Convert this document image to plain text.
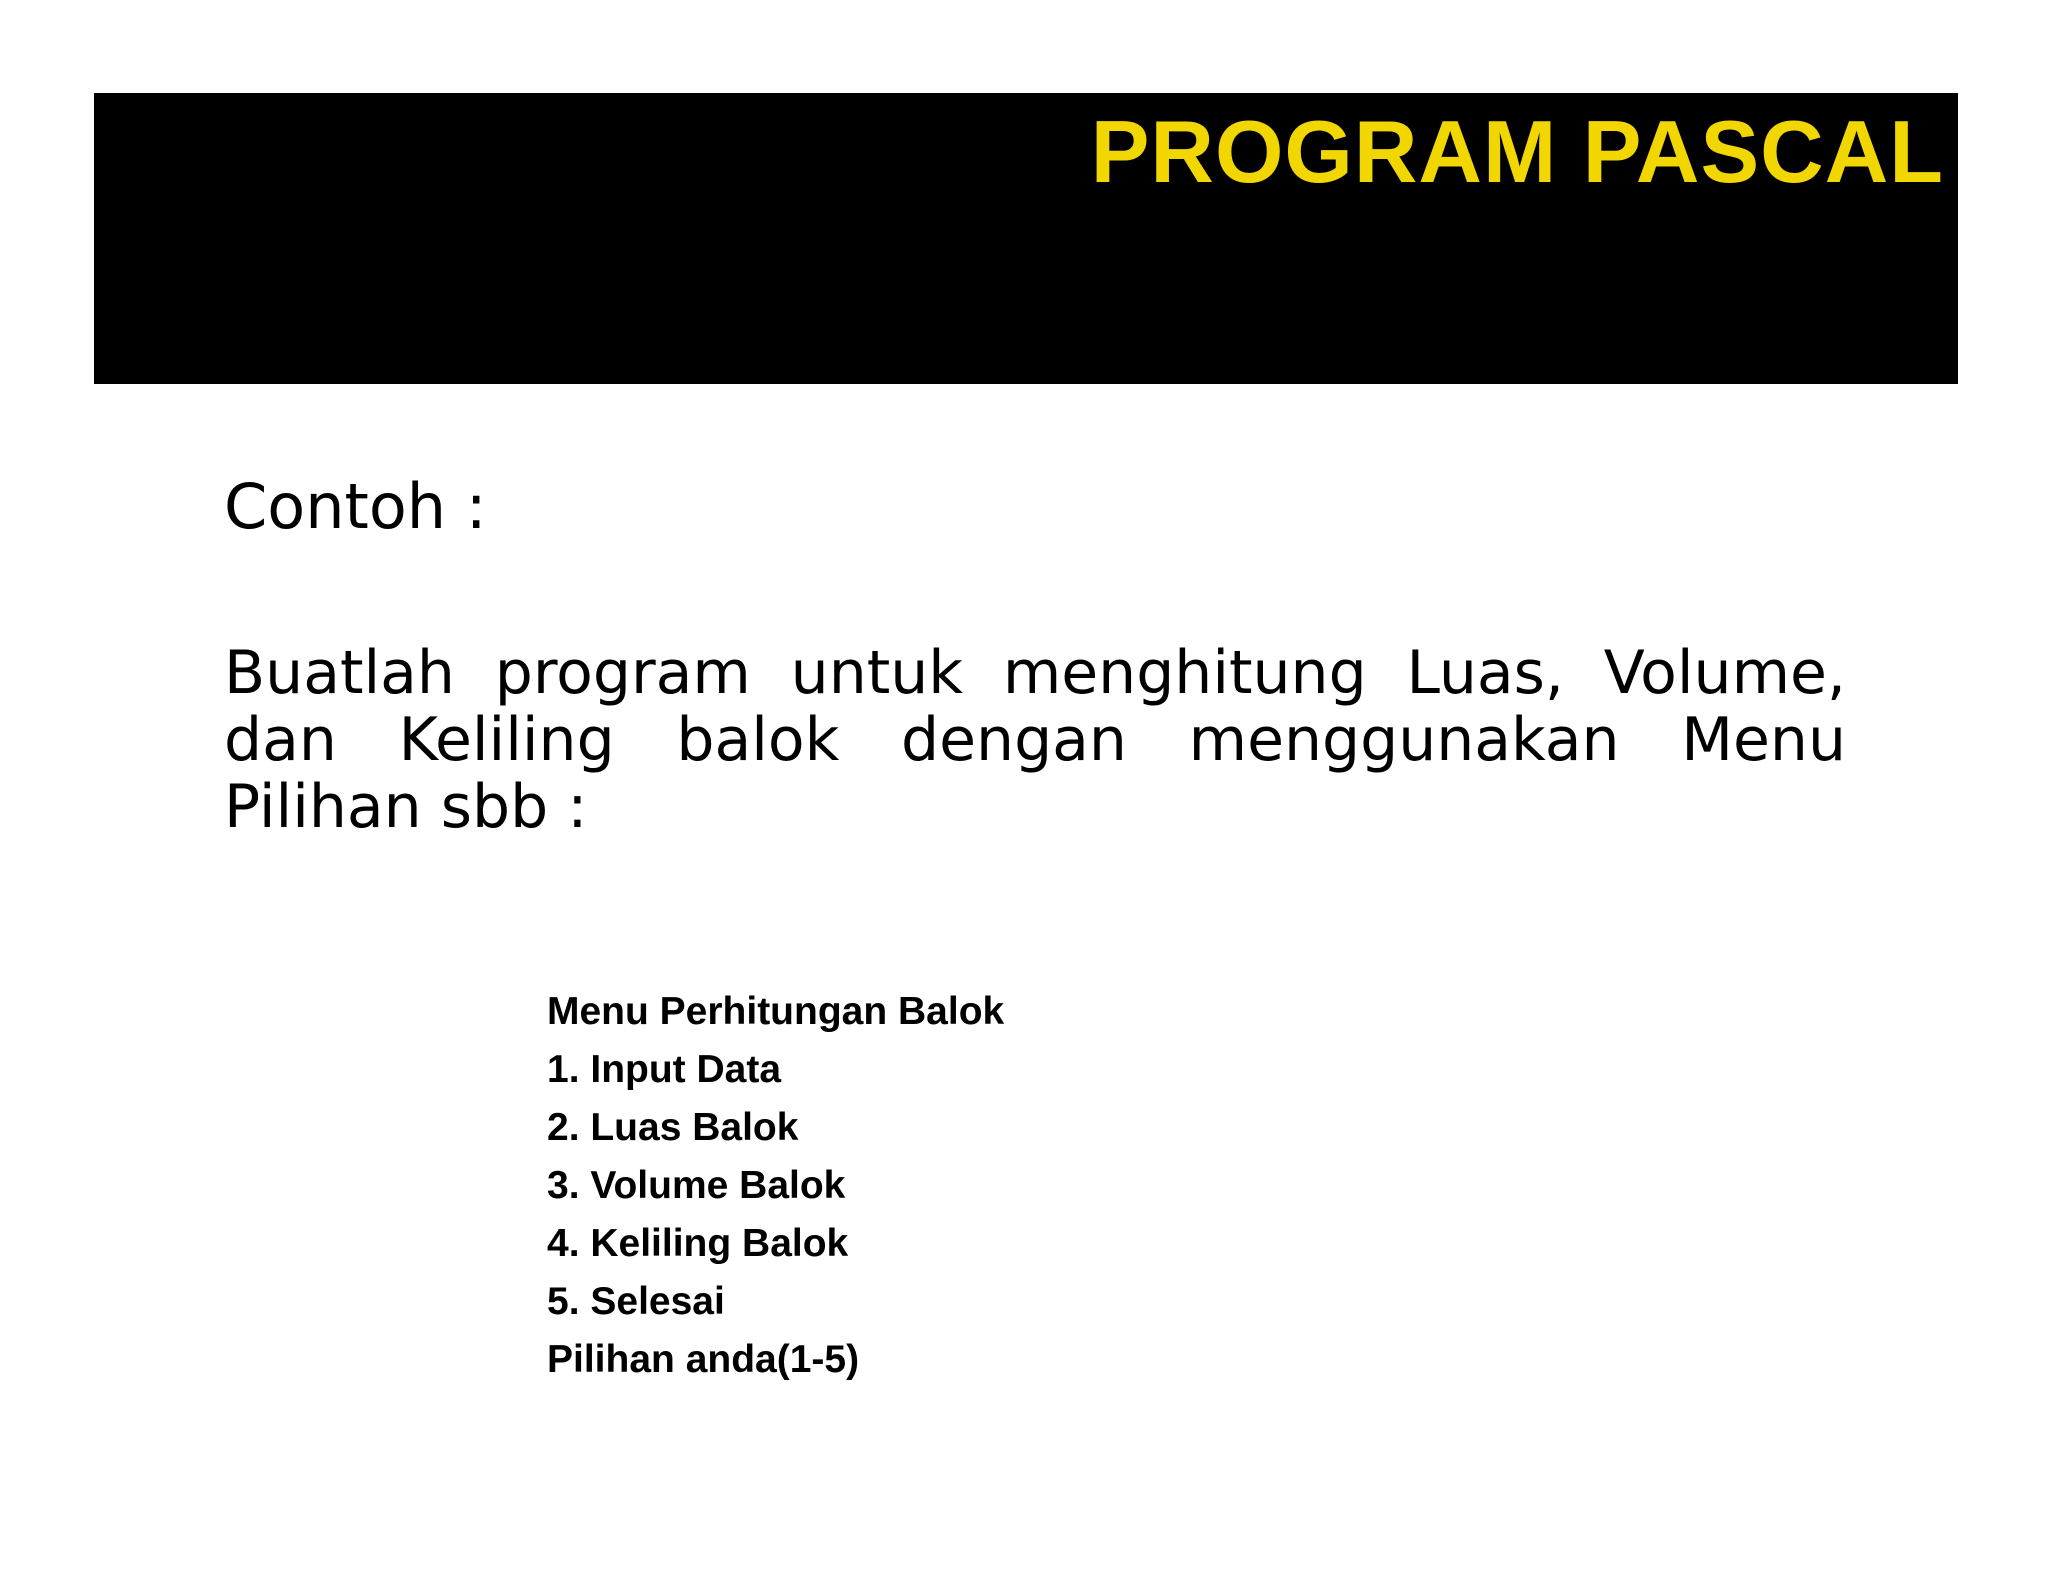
PROGRAM PASCAL
Contoh :

Buatlah program untuk menghitung Luas, Volume, dan Keliling balok dengan menggunakan Menu Pilihan sbb :

Menu Perhitungan Balok
1. Input Data
2. Luas Balok
3. Volume Balok
4. Keliling Balok
5. Selesai
Pilihan anda(1-5)
